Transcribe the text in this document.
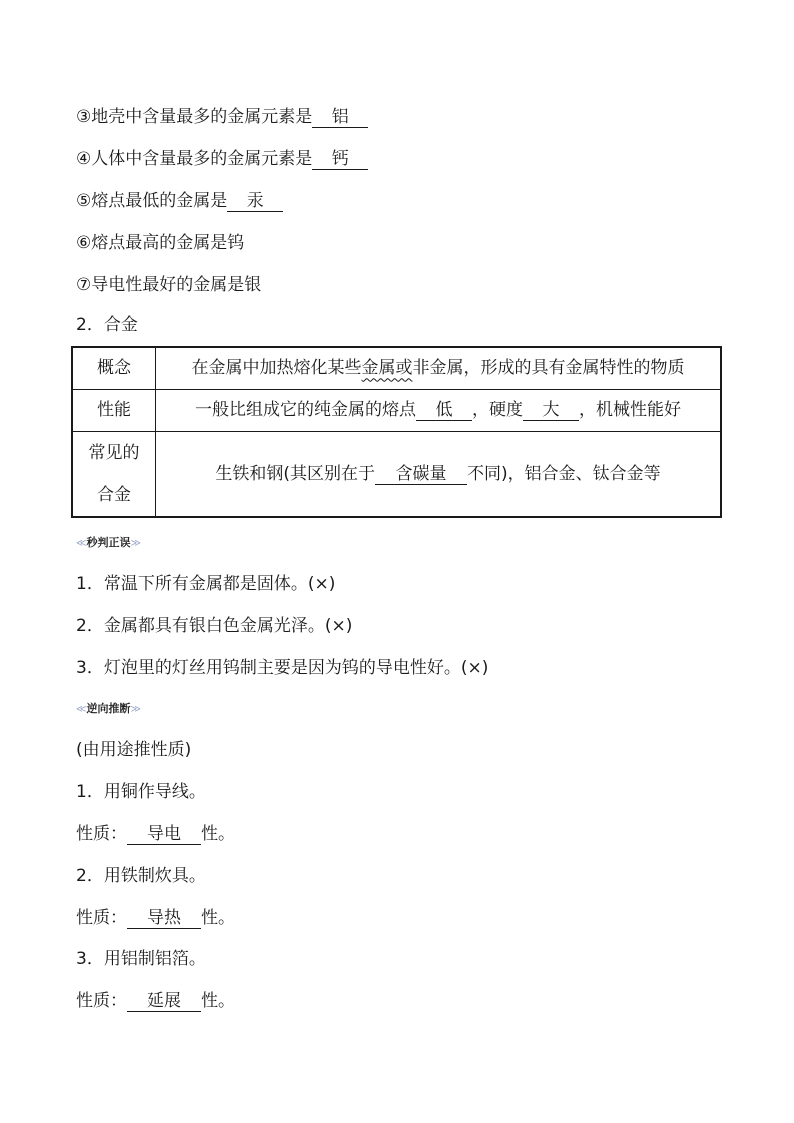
③地壳中含量最多的金属元素是 铝
④人体中含量最多的金属元素是 钙
⑤熔点最低的金属是 汞
⑥熔点最高的金属是钨
⑦导电性最好的金属是银
2．合金
概念	在金属中加热熔化某些金属或非金属，形成的具有金属特性的物质
性能	一般比组成它的纯金属的熔点 低 ，硬度 大 ，机械性能好

常见的
合金	生铁和钢(其区别在于 含碳量 不同)，铝合金、钛合金等
≪秒判正误≫
1．常温下所有金属都是固体。(×)
2．金属都具有银白色金属光泽。(×)
3．灯泡里的灯丝用钨制主要是因为钨的导电性好。(×)
≪逆向推断≫
(由用途推性质)
1．用铜作导线。
性质： 导电 性。
2．用铁制炊具。
性质： 导热 性。
3．用铝制铝箔。
性质： 延展 性。
